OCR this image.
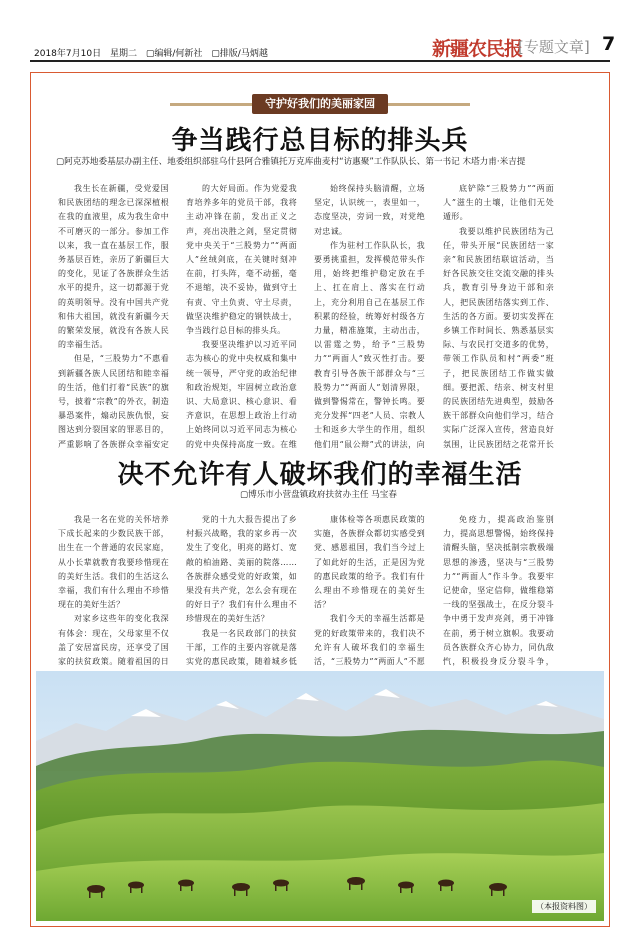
2018年7月10日 星期二 ▢编辑/何新社 ▢排版/马炳越	新疆农民报
[专题文章] 7
守护好我们的美丽家园
争当践行总目标的排头兵
▢阿克苏地委基层办副主任、地委组织部驻乌什县阿合雅镇托万克库曲麦村“访惠聚”工作队队长、第一书记 木塔力甫·米吉提

我生长在新疆，受党爱国和民族团结的理念已深深植根在我的血液里，成为我生命中不可磨灭的一部分。参加工作以来，我一直在基层工作，服务基层百姓，亲历了新疆巨大的变化，见证了各族群众生活水平的提升，这一切都源于党的英明领导。没有中国共产党和伟大祖国，就没有新疆今天的繁荣发展，就没有各族人民的幸福生活。

但是，“三股势力”不惠看到新疆各族人民团结和睦幸福的生活，他们打着“民族”的旗号，披着“宗教”的外衣，制造暴恐案件，煽动民族仇恨，妄图达到分裂国家的罪恶目的，严重影响了各族群众幸福安定

的大好局面。作为党爱我育培养多年的党员干部，我将主动冲锋在前，发出正义之声，亮出决胜之剑，坚定贯彻党中央关于“三股势力”“两面人”丝绒剑底，在关键时刻冲在前，打头阵，毫不动摇，毫不退缩，决不妥协，做到守土有责、守土负责、守土尽责，做坚决维护稳定的钢铁战士，争当践行总目标的排头兵。

我要坚决维护以习近平同志为核心的党中央权威和集中统一领导，严守党的政治纪律和政治规矩，牢固树立政治意识、大局意识、核心意识、看齐意识，在思想上政治上行动上始终同以习近平同志为核心的党中央保持高度一致。在维

始终保持头脑清醒，立场坚定，认识统一，表里如一，态度坚决，旁词一致，对党绝对忠诚。

作为驻村工作队队长，我要勇挑重担，发挥模范带头作用，始终把维护稳定放在手上、扛在肩上、落实在行动上，充分利用自己在基层工作积累的经验，统筹好村级各方力量，精准施策，主动出击，以雷霆之势，给予“三股势力”“两面人”致灭性打击。要教育引导各族干部群众与“三股势力”“两面人”划清界限，做到警惕常在，警钟长鸣。要充分发挥“四老”人员、宗教人士和返乡大学生的作用，组织他们用“鼠公辩”式的讲法，向

底铲除“三股势力”“两面人”滋生的土壤，让他们无处遁形。

我要以维护民族团结为己任，带头开展“民族团结一家亲”和民族团结联谊活动，当好各民族交往交流交融的排头兵，教育引导身边干部和亲人，把民族团结落实到工作、生活的各方面。要切实发挥在乡镇工作时间长、熟悉基层实际、与农民打交道多的优势，带领工作队员和村“两委”班子，把民族团结工作做实做细。要把派、结亲、树支村里的民族团结先进典型，鼓励各族干部群众向他们学习，结合实际广泛深入宣传，营造良好氛围，让民族团结之花常开长

决不允许有人破坏我们的幸福生活
▢博乐市小营盘镇政府扶贫办主任 马宝春

我是一名在党的关怀培养下成长起来的少数民族干部，出生在一个普通的农民家庭，从小长辈就教育我要珍惜现在的美好生活。我们的生活这么幸福，我们有什么理由不珍惜现在的美好生活？

对家乡这些年的变化我深有体会：现在，父母家里不仅盖了安居富民房，还享受了国家的扶贫政策。随着祖国的日

党的十九大报告提出了乡村振兴战略，我的家乡再一次发生了变化，明亮的路灯、宽敞的柏油路、美丽的院落……各族群众感受党的好政策，如果没有共产党，怎么会有现在的好日子？我们有什么理由不珍惜现在的美好生活？

我是一名民政部门的扶贫干部，工作的主要内容就是落实党的惠民政策，随着城乡低

康体检等各项惠民政策的实施，各族群众都切实感受到党、感恩祖国，我们当今过上了如此好的生活，正是因为党的惠民政策的给予。我们有什么理由不珍惜现在的美好生活？

我们今天的幸福生活都是党的好政策带来的，我们决不允许有人破坏我们的幸福生活，“三股势力”“两面人”不愿

免疫力，提高政治鉴别力，提高思想警惕，始终保持清醒头脑，坚决抵制宗教极端思想的渗透，坚决与“三股势力”“两面人”作斗争。我要牢记使命，坚定信仰，做维稳第一线的坚强战士，在反分裂斗争中勇于发声亮剑，勇于冲锋在前，勇于树立旗帜。我要动员各族群众齐心协力，同仇敌忾，积极投身反分裂斗争，

（本报资料图）
